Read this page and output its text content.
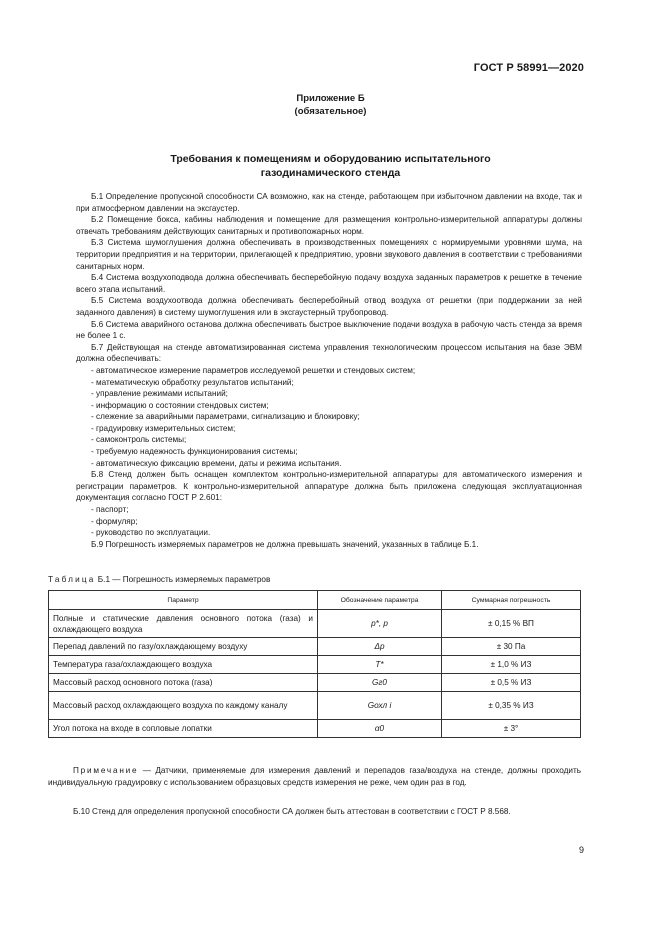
ГОСТ Р 58991—2020
Приложение Б
(обязательное)
Требования к помещениям и оборудованию испытательного
газодинамического стенда

Б.1 Определение пропускной способности СА возможно, как на стенде, работающем при избыточном давлении на входе, так и при атмосферном давлении на эксгаустер.

Б.2 Помещение бокса, кабины наблюдения и помещение для размещения контрольно-измерительной аппаратуры должны отвечать требованиям действующих санитарных и противопожарных норм.

Б.3 Система шумоглушения должна обеспечивать в производственных помещениях с нормируемыми уровнями шума, на территории предприятия и на территории, прилегающей к предприятию, уровни звукового давления в соответствии с требованиями санитарных норм.

Б.4 Система воздухоподвода должна обеспечивать бесперебойную подачу воздуха заданных параметров к решетке в течение всего этапа испытаний.

Б.5 Система воздухоотвода должна обеспечивать бесперебойный отвод воздуха от решетки (при поддержании за ней заданного давления) в систему шумоглушения или в эксгаустерный трубопровод.

Б.6 Система аварийного останова должна обеспечивать быстрое выключение подачи воздуха в рабочую часть стенда за время не более 1 с.

Б.7 Действующая на стенде автоматизированная система управления технологическим процессом испытания на базе ЭВМ должна обеспечивать:

- автоматическое измерение параметров исследуемой решетки и стендовых систем;

- математическую обработку результатов испытаний;

- управление режимами испытаний;

- информацию о состоянии стендовых систем;

- слежение за аварийными параметрами, сигнализацию и блокировку;

- градуировку измерительных систем;

- самоконтроль системы;

- требуемую надежность функционирования системы;

- автоматическую фиксацию времени, даты и режима испытания.

Б.8 Стенд должен быть оснащен комплектом контрольно-измерительной аппаратуры для автоматического измерения и регистрации параметров. К контрольно-измерительной аппаратуре должна быть приложена следующая эксплуатационная документация согласно ГОСТ Р 2.601:

- паспорт;

- формуляр;

- руководство по эксплуатации.

Б.9 Погрешность измеряемых параметров не должна превышать значений, указанных в таблице Б.1.

Таблица Б.1 — Погрешность измеряемых параметров
Параметр	Обозначение параметра	Суммарная погрешность
Полные и статические давления основного потока (газа) и охлаждающего воздуха	p*, p	± 0,15 % ВП
Перепад давлений по газу/охлаждающему воздуху	Δp	± 30 Па
Температура газа/охлаждающего воздуха	T*	± 1,0 % ИЗ
Массовый расход основного потока (газа)	Gг0	± 0,5 % ИЗ
Массовый расход охлаждающего воздуха по каждому каналу	Gохл i	± 0,35 % ИЗ
Угол потока на входе в сопловые лопатки	α0	± 3°
Примечание — Датчики, применяемые для измерения давлений и перепадов газа/воздуха на стенде, должны проходить индивидуальную градуировку с использованием образцовых средств измерения не реже, чем один раз в год.
Б.10 Стенд для определения пропускной способности СА должен быть аттестован в соответствии с ГОСТ Р 8.568.
9
